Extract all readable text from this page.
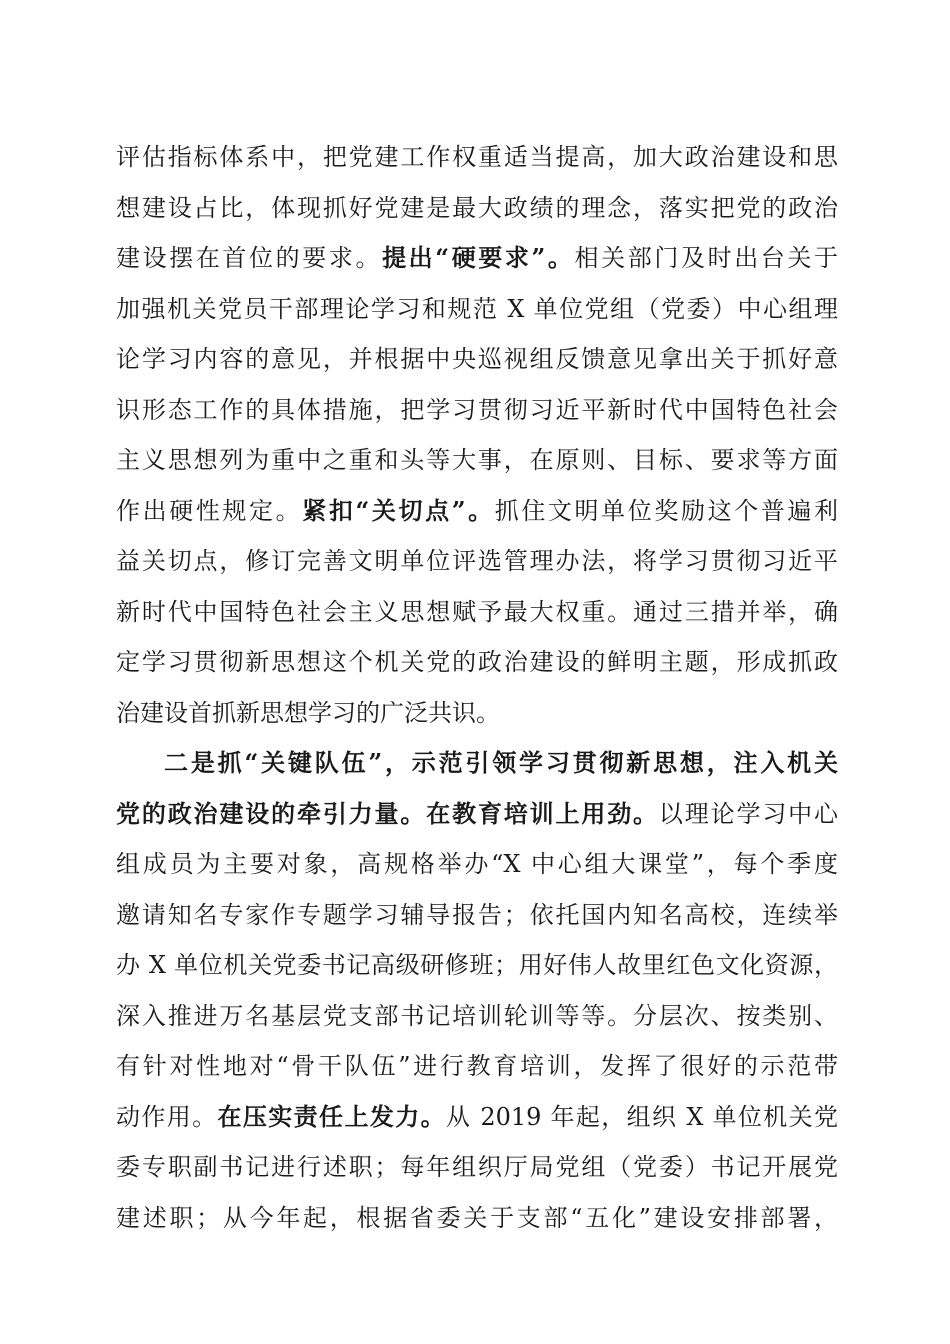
评估指标体系中，把党建工作权重适当提高，加大政治建设和思
想建设占比，体现抓好党建是最大政绩的理念，落实把党的政治
建设摆在首位的要求。提出“硬要求”。相关部门及时出台关于
加强机关党员干部理论学习和规范 X 单位党组（党委）中心组理
论学习内容的意见，并根据中央巡视组反馈意见拿出关于抓好意
识形态工作的具体措施，把学习贯彻习近平新时代中国特色社会
主义思想列为重中之重和头等大事，在原则、目标、要求等方面
作出硬性规定。紧扣“关切点”。抓住文明单位奖励这个普遍利
益关切点，修订完善文明单位评选管理办法，将学习贯彻习近平
新时代中国特色社会主义思想赋予最大权重。通过三措并举，确
定学习贯彻新思想这个机关党的政治建设的鲜明主题，形成抓政
治建设首抓新思想学习的广泛共识。
二是抓“关键队伍”，示范引领学习贯彻新思想，注入机关
党的政治建设的牵引力量。在教育培训上用劲。以理论学习中心
组成员为主要对象，高规格举办“X 中心组大课堂”，每个季度
邀请知名专家作专题学习辅导报告；依托国内知名高校，连续举
办 X 单位机关党委书记高级研修班；用好伟人故里红色文化资源，
深入推进万名基层党支部书记培训轮训等等。分层次、按类别、
有针对性地对“骨干队伍”进行教育培训，发挥了很好的示范带
动作用。在压实责任上发力。从 2019 年起，组织 X 单位机关党
委专职副书记进行述职；每年组织厅局党组（党委）书记开展党
建述职；从今年起，根据省委关于支部“五化”建设安排部署，
